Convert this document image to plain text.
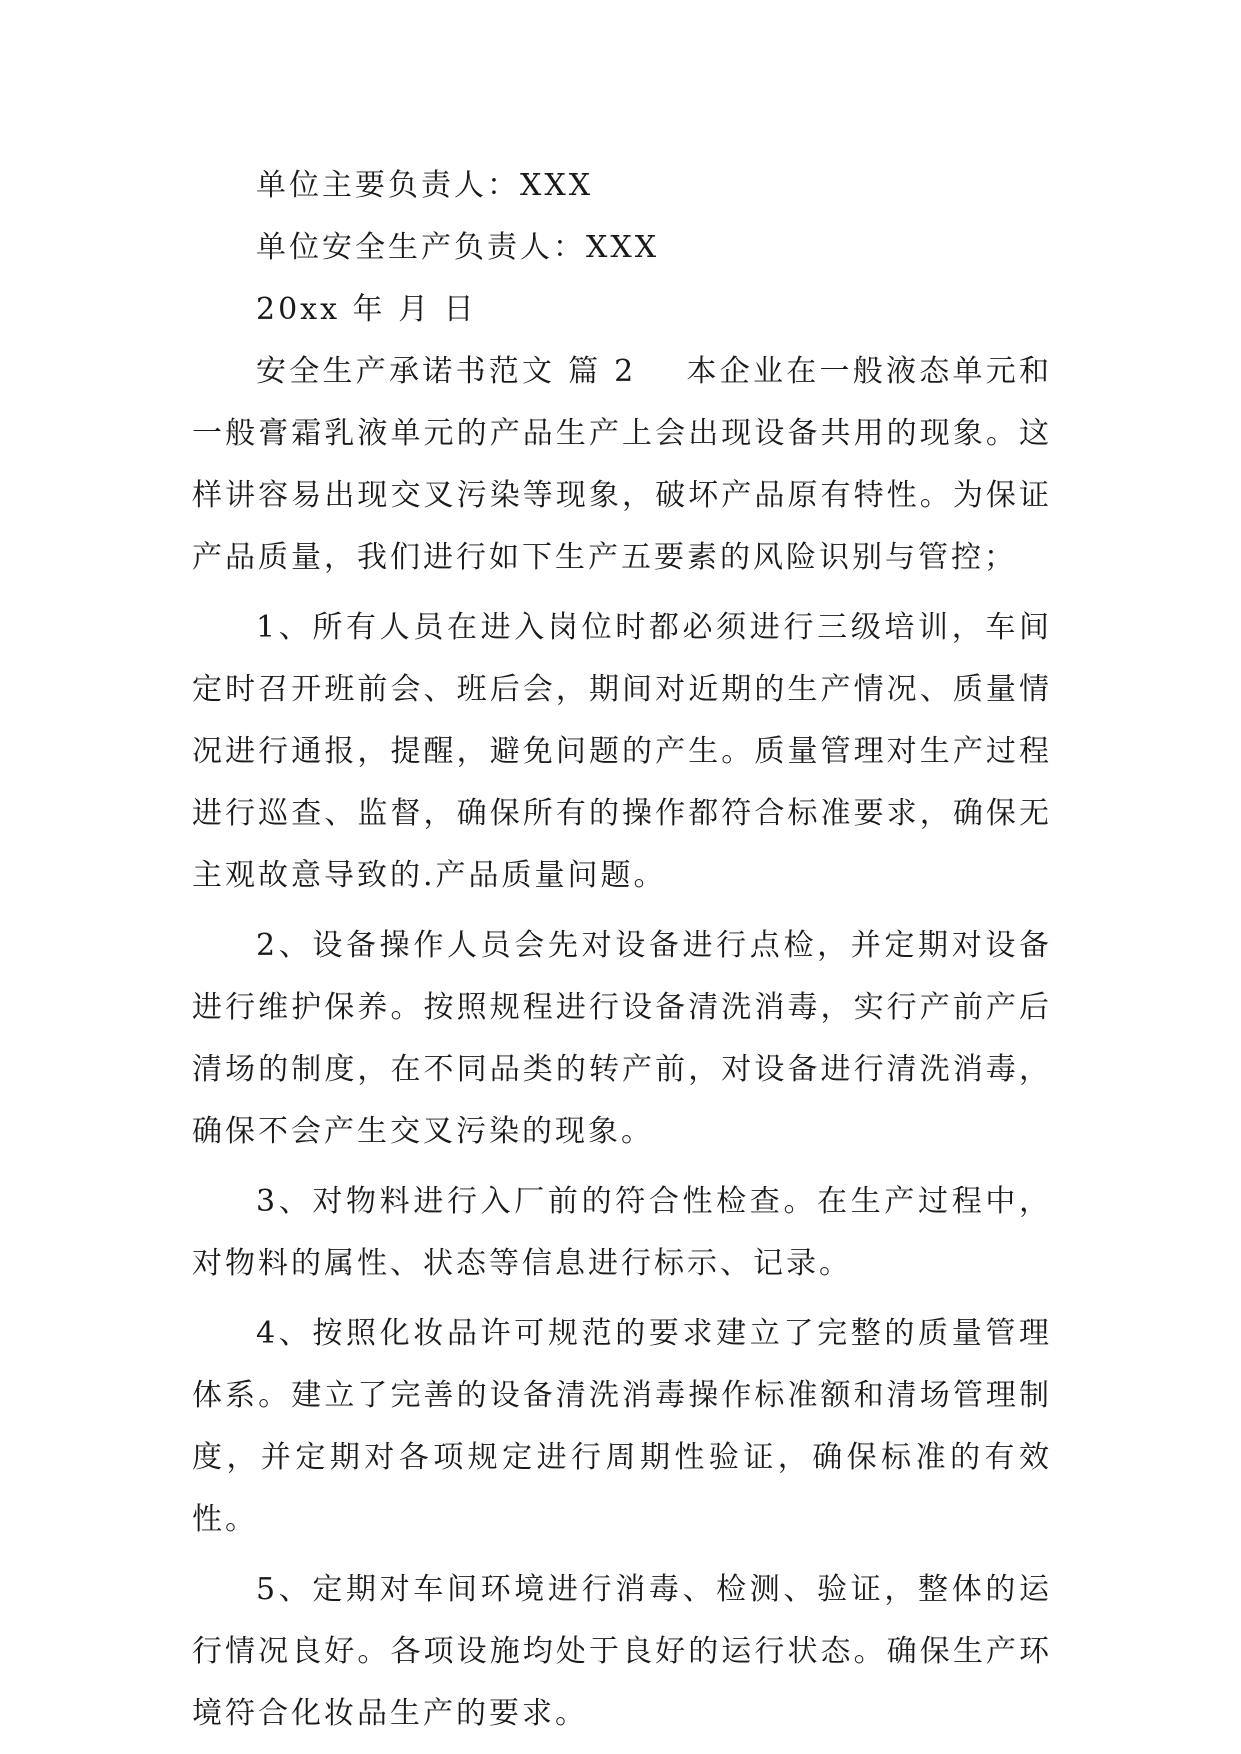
单位主要负责人：XXX

单位安全生产负责人：XXX

20xx 年 月 日

安全生产承诺书范文 篇 2 本企业在一般液态单元和一般膏霜乳液单元的产品生产上会出现设备共用的现象。这样讲容易出现交叉污染等现象，破坏产品原有特性。为保证产品质量，我们进行如下生产五要素的风险识别与管控；

1、所有人员在进入岗位时都必须进行三级培训，车间定时召开班前会、班后会，期间对近期的生产情况、质量情况进行通报，提醒，避免问题的产生。质量管理对生产过程进行巡查、监督，确保所有的操作都符合标准要求，确保无主观故意导致的.产品质量问题。

2、设备操作人员会先对设备进行点检，并定期对设备进行维护保养。按照规程进行设备清洗消毒，实行产前产后清场的制度，在不同品类的转产前，对设备进行清洗消毒，确保不会产生交叉污染的现象。

3、对物料进行入厂前的符合性检查。在生产过程中，对物料的属性、状态等信息进行标示、记录。

4、按照化妆品许可规范的要求建立了完整的质量管理体系。建立了完善的设备清洗消毒操作标准额和清场管理制度，并定期对各项规定进行周期性验证，确保标准的有效性。

5、定期对车间环境进行消毒、检测、验证，整体的运行情况良好。各项设施均处于良好的运行状态。确保生产环境符合化妆品生产的要求。
